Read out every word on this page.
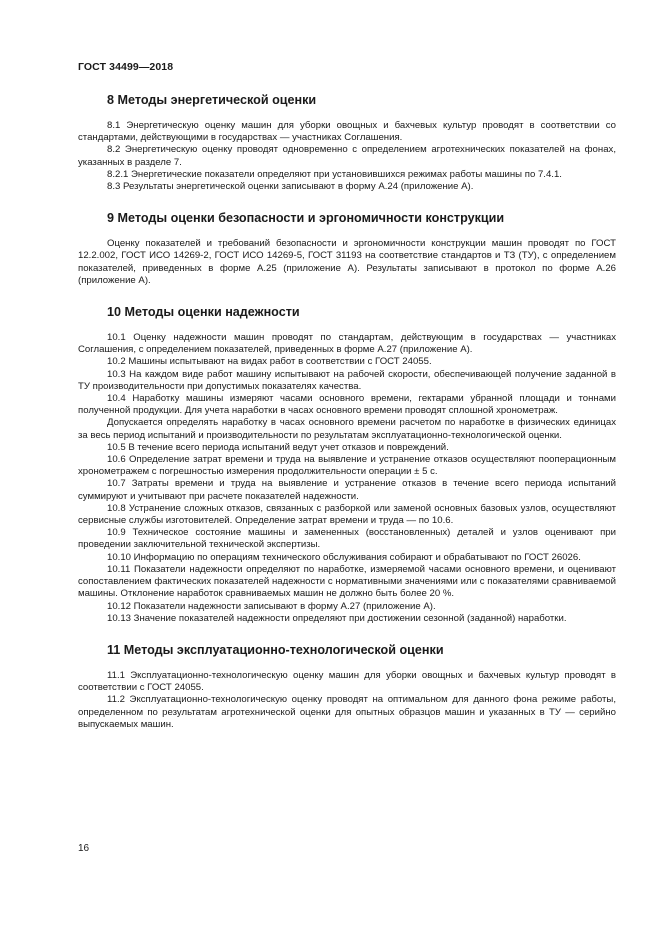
ГОСТ 34499—2018
8 Методы энергетической оценки

8.1 Энергетическую оценку машин для уборки овощных и бахчевых культур проводят в соответствии со стандартами, действующими в государствах — участниках Соглашения.

8.2 Энергетическую оценку проводят одновременно с определением агротехнических показателей на фонах, указанных в разделе 7.

8.2.1 Энергетические показатели определяют при установившихся режимах работы машины по 7.4.1.

8.3 Результаты энергетической оценки записывают в форму А.24 (приложение А).

9 Методы оценки безопасности и эргономичности конструкции

Оценку показателей и требований безопасности и эргономичности конструкции машин проводят по ГОСТ 12.2.002, ГОСТ ИСО 14269-2, ГОСТ ИСО 14269-5, ГОСТ 31193 на соответствие стандартов и ТЗ (ТУ), с определением показателей, приведенных в форме А.25 (приложение А). Результаты записывают в протокол по форме А.26 (приложение А).

10 Методы оценки надежности

10.1 Оценку надежности машин проводят по стандартам, действующим в государствах — участниках Соглашения, с определением показателей, приведенных в форме А.27 (приложение А).

10.2 Машины испытывают на видах работ в соответствии с ГОСТ 24055.

10.3 На каждом виде работ машину испытывают на рабочей скорости, обеспечивающей получение заданной в ТУ производительности при допустимых показателях качества.

10.4 Наработку машины измеряют часами основного времени, гектарами убранной площади и тоннами полученной продукции. Для учета наработки в часах основного времени проводят сплошной хронометраж.

Допускается определять наработку в часах основного времени расчетом по наработке в физических единицах за весь период испытаний и производительности по результатам эксплуатационно-технологической оценки.

10.5 В течение всего периода испытаний ведут учет отказов и повреждений.

10.6 Определение затрат времени и труда на выявление и устранение отказов осуществляют пооперационным хронометражем с погрешностью измерения продолжительности операции ± 5 с.

10.7 Затраты времени и труда на выявление и устранение отказов в течение всего периода испытаний суммируют и учитывают при расчете показателей надежности.

10.8 Устранение сложных отказов, связанных с разборкой или заменой основных базовых узлов, осуществляют сервисные службы изготовителей. Определение затрат времени и труда — по 10.6.

10.9 Техническое состояние машины и замененных (восстановленных) деталей и узлов оценивают при проведении заключительной технической экспертизы.

10.10 Информацию по операциям технического обслуживания собирают и обрабатывают по ГОСТ 26026.

10.11 Показатели надежности определяют по наработке, измеряемой часами основного времени, и оценивают сопоставлением фактических показателей надежности с нормативными значениями или с показателями сравниваемой машины. Отклонение наработок сравниваемых машин не должно быть более 20 %.

10.12 Показатели надежности записывают в форму А.27 (приложение А).

10.13 Значение показателей надежности определяют при достижении сезонной (заданной) наработки.

11 Методы эксплуатационно-технологической оценки

11.1 Эксплуатационно-технологическую оценку машин для уборки овощных и бахчевых культур проводят в соответствии с ГОСТ 24055.

11.2 Эксплуатационно-технологическую оценку проводят на оптимальном для данного фона режиме работы, определенном по результатам агротехнической оценки для опытных образцов машин и указанных в ТУ — серийно выпускаемых машин.

16
